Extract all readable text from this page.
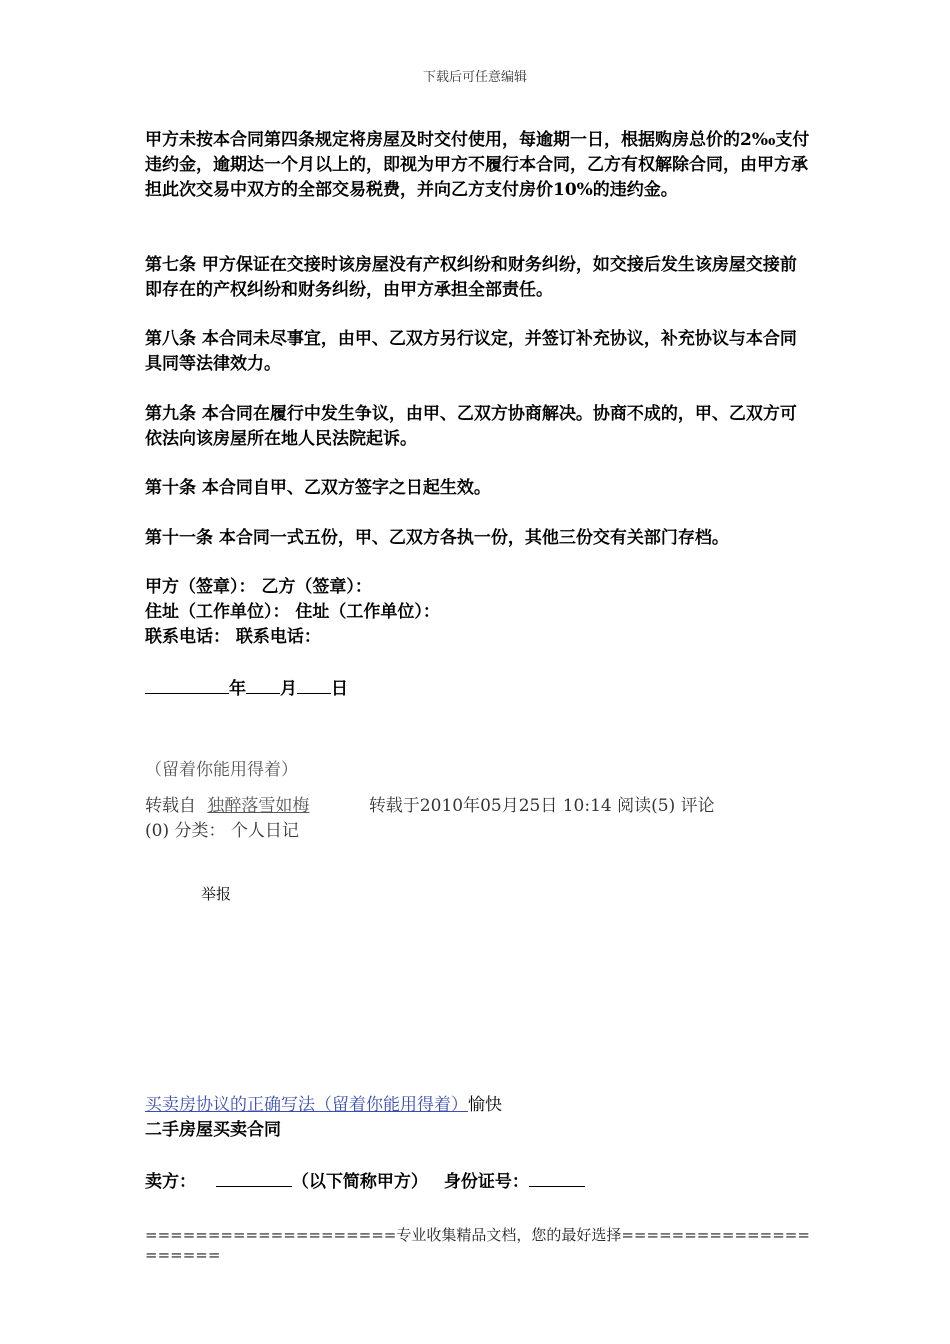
下载后可任意编辑

甲方未按本合同第四条规定将房屋及时交付使用，每逾期一日，根据购房总价的2‰支付违约金，逾期达一个月以上的，即视为甲方不履行本合同，乙方有权解除合同，由甲方承担此次交易中双方的全部交易税费，并向乙方支付房价10%的违约金。

第七条 甲方保证在交接时该房屋没有产权纠纷和财务纠纷，如交接后发生该房屋交接前即存在的产权纠纷和财务纠纷，由甲方承担全部责任。

第八条 本合同未尽事宜，由甲、乙双方另行议定，并签订补充协议，补充协议与本合同具同等法律效力。

第九条 本合同在履行中发生争议，由甲、乙双方协商解决。协商不成的，甲、乙双方可依法向该房屋所在地人民法院起诉。

第十条 本合同自甲、乙双方签字之日起生效。

第十一条 本合同一式五份，甲、乙双方各执一份，其他三份交有关部门存档。

甲方（签章）： 乙方（签章）：
住址（工作单位）： 住址（工作单位）：
联系电话： 联系电话：
年 月 日
（留着你能用得着）
转载自 独醉落雪如梅	转载于2010年05月25日 10:14 阅读(5) 评论
(0) 分类： 个人日记
举报
买卖房协议的正确写法（留着你能用得着）愉快
二手房屋买卖合同
卖方：	（以下简称甲方） 身份证号：
====================专业收集精品文档，您的最好选择=====================
